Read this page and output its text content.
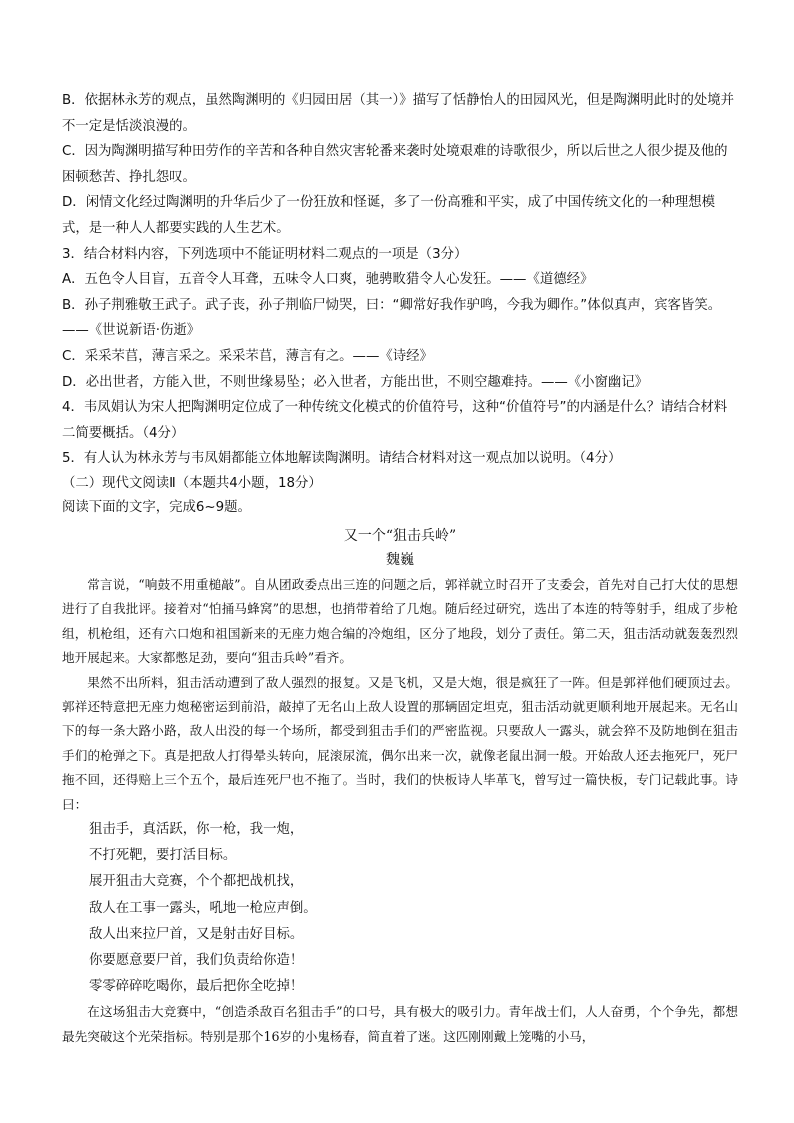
B．依据林永芳的观点，虽然陶渊明的《归园田居（其一）》描写了恬静怡人的田园风光，但是陶渊明此时的处境并不一定是恬淡浪漫的。

C．因为陶渊明描写种田劳作的辛苦和各种自然灾害轮番来袭时处境艰难的诗歌很少，所以后世之人很少提及他的困顿愁苦、挣扎怨叹。

D．闲情文化经过陶渊明的升华后少了一份狂放和怪诞，多了一份高雅和平实，成了中国传统文化的一种理想模式，是一种人人都要实践的人生艺术。

3．结合材料内容，下列选项中不能证明材料二观点的一项是（3分）

A．五色令人目盲，五音令人耳聋，五味令人口爽，驰骋畋猎令人心发狂。——《道德经》

B．孙子荆雅敬王武子。武子丧，孙子荆临尸恸哭，曰：“卿常好我作驴鸣，今我为卿作。”体似真声，宾客皆笑。——《世说新语·伤逝》

C．采采芣苢，薄言采之。采采芣苢，薄言有之。——《诗经》

D．必出世者，方能入世，不则世缘易坠；必入世者，方能出世，不则空趣难持。——《小窗幽记》

4．韦凤娟认为宋人把陶渊明定位成了一种传统文化模式的价值符号，这种“价值符号”的内涵是什么？请结合材料二简要概括。（4分）

5．有人认为林永芳与韦凤娟都能立体地解读陶渊明。请结合材料对这一观点加以说明。（4分）

（二）现代文阅读Ⅱ（本题共4小题，18分）

阅读下面的文字，完成6~9题。

又一个“狙击兵岭”

魏巍

常言说，“响鼓不用重槌敲”。自从团政委点出三连的问题之后，郭祥就立时召开了支委会，首先对自己打大仗的思想进行了自我批评。接着对“怕捅马蜂窝”的思想，也捎带着给了几炮。随后经过研究，选出了本连的特等射手，组成了步枪组，机枪组，还有六口炮和祖国新来的无座力炮合编的冷炮组，区分了地段，划分了责任。第二天，狙击活动就轰轰烈烈地开展起来。大家都憋足劲，要向“狙击兵岭”看齐。

果然不出所料，狙击活动遭到了敌人强烈的报复。又是飞机，又是大炮，很是疯狂了一阵。但是郭祥他们硬顶过去。郭祥还特意把无座力炮秘密运到前沿，敲掉了无名山上敌人设置的那辆固定坦克，狙击活动就更顺利地开展起来。无名山下的每一条大路小路，敌人出没的每一个场所，都受到狙击手们的严密监视。只要敌人一露头，就会猝不及防地倒在狙击手们的枪弹之下。真是把敌人打得晕头转向，屁滚尿流，偶尔出来一次，就像老鼠出洞一般。开始敌人还去拖死尸，死尸拖不回，还得赔上三个五个，最后连死尸也不拖了。当时，我们的快板诗人毕革飞，曾写过一篇快板，专门记载此事。诗曰：

狙击手，真活跃，你一枪，我一炮，

不打死靶，要打活目标。

展开狙击大竞赛，个个都把战机找，

敌人在工事一露头，吼地一枪应声倒。

敌人出来拉尸首，又是射击好目标。

你要愿意要尸首，我们负责给你造！

零零碎碎吃喝你，最后把你全吃掉！

在这场狙击大竞赛中，“创造杀敌百名狙击手”的口号，具有极大的吸引力。青年战士们，人人奋勇，个个争先，都想最先突破这个光荣指标。特别是那个16岁的小鬼杨春，简直着了迷。这匹刚刚戴上笼嘴的小马，
